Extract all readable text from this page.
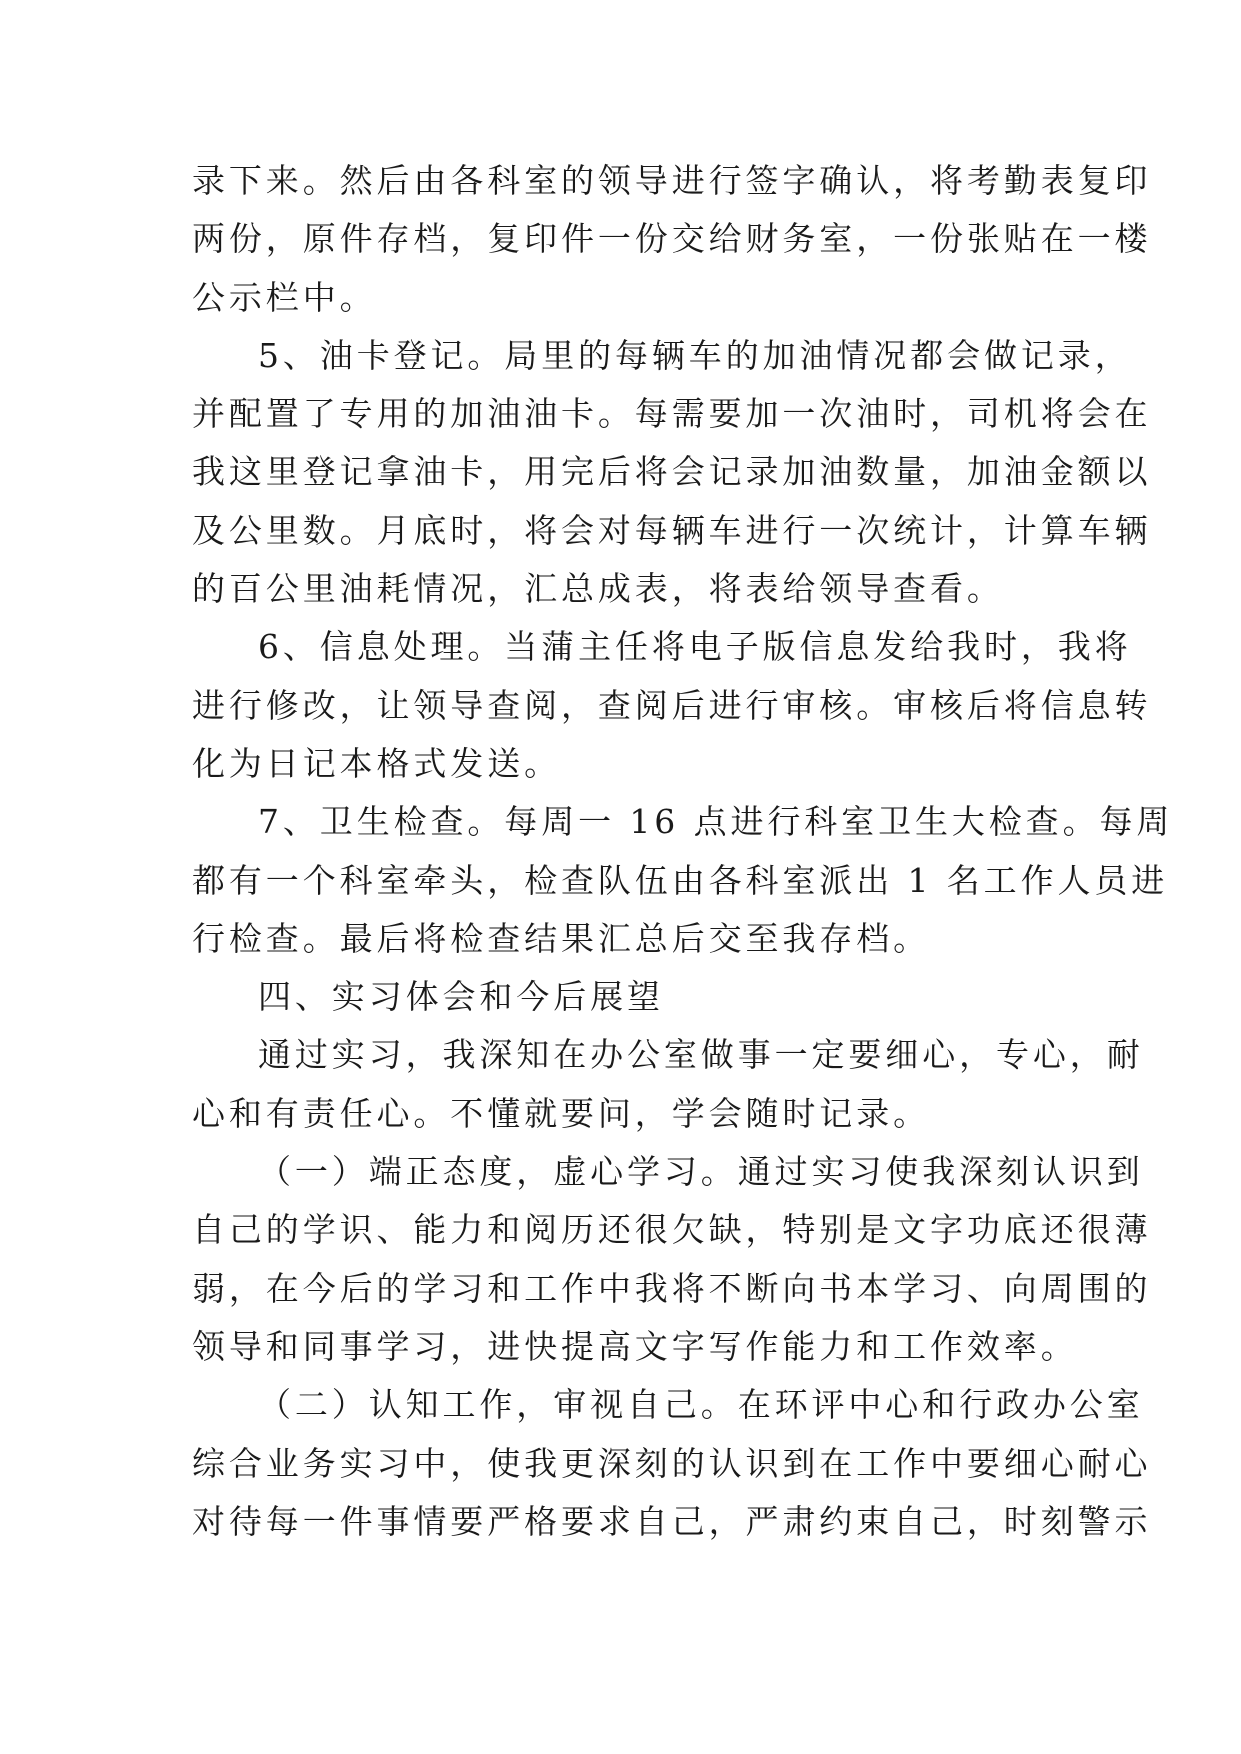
录下来。然后由各科室的领导进行签字确认，将考勤表复印
两份，原件存档，复印件一份交给财务室，一份张贴在一楼
公示栏中。
5、油卡登记。局里的每辆车的加油情况都会做记录，
并配置了专用的加油油卡。每需要加一次油时，司机将会在
我这里登记拿油卡，用完后将会记录加油数量，加油金额以
及公里数。月底时，将会对每辆车进行一次统计，计算车辆
的百公里油耗情况，汇总成表，将表给领导查看。
6、信息处理。当蒲主任将电子版信息发给我时，我将
进行修改，让领导查阅，查阅后进行审核。审核后将信息转
化为日记本格式发送。
7、卫生检查。每周一 16 点进行科室卫生大检查。每周
都有一个科室牵头，检查队伍由各科室派出 1 名工作人员进
行检查。最后将检查结果汇总后交至我存档。
四、实习体会和今后展望
通过实习，我深知在办公室做事一定要细心，专心，耐
心和有责任心。不懂就要问，学会随时记录。
（一）端正态度，虚心学习。通过实习使我深刻认识到
自己的学识、能力和阅历还很欠缺，特别是文字功底还很薄
弱，在今后的学习和工作中我将不断向书本学习、向周围的
领导和同事学习，进快提高文字写作能力和工作效率。
（二）认知工作，审视自己。在环评中心和行政办公室
综合业务实习中，使我更深刻的认识到在工作中要细心耐心
对待每一件事情要严格要求自己，严肃约束自己，时刻警示
